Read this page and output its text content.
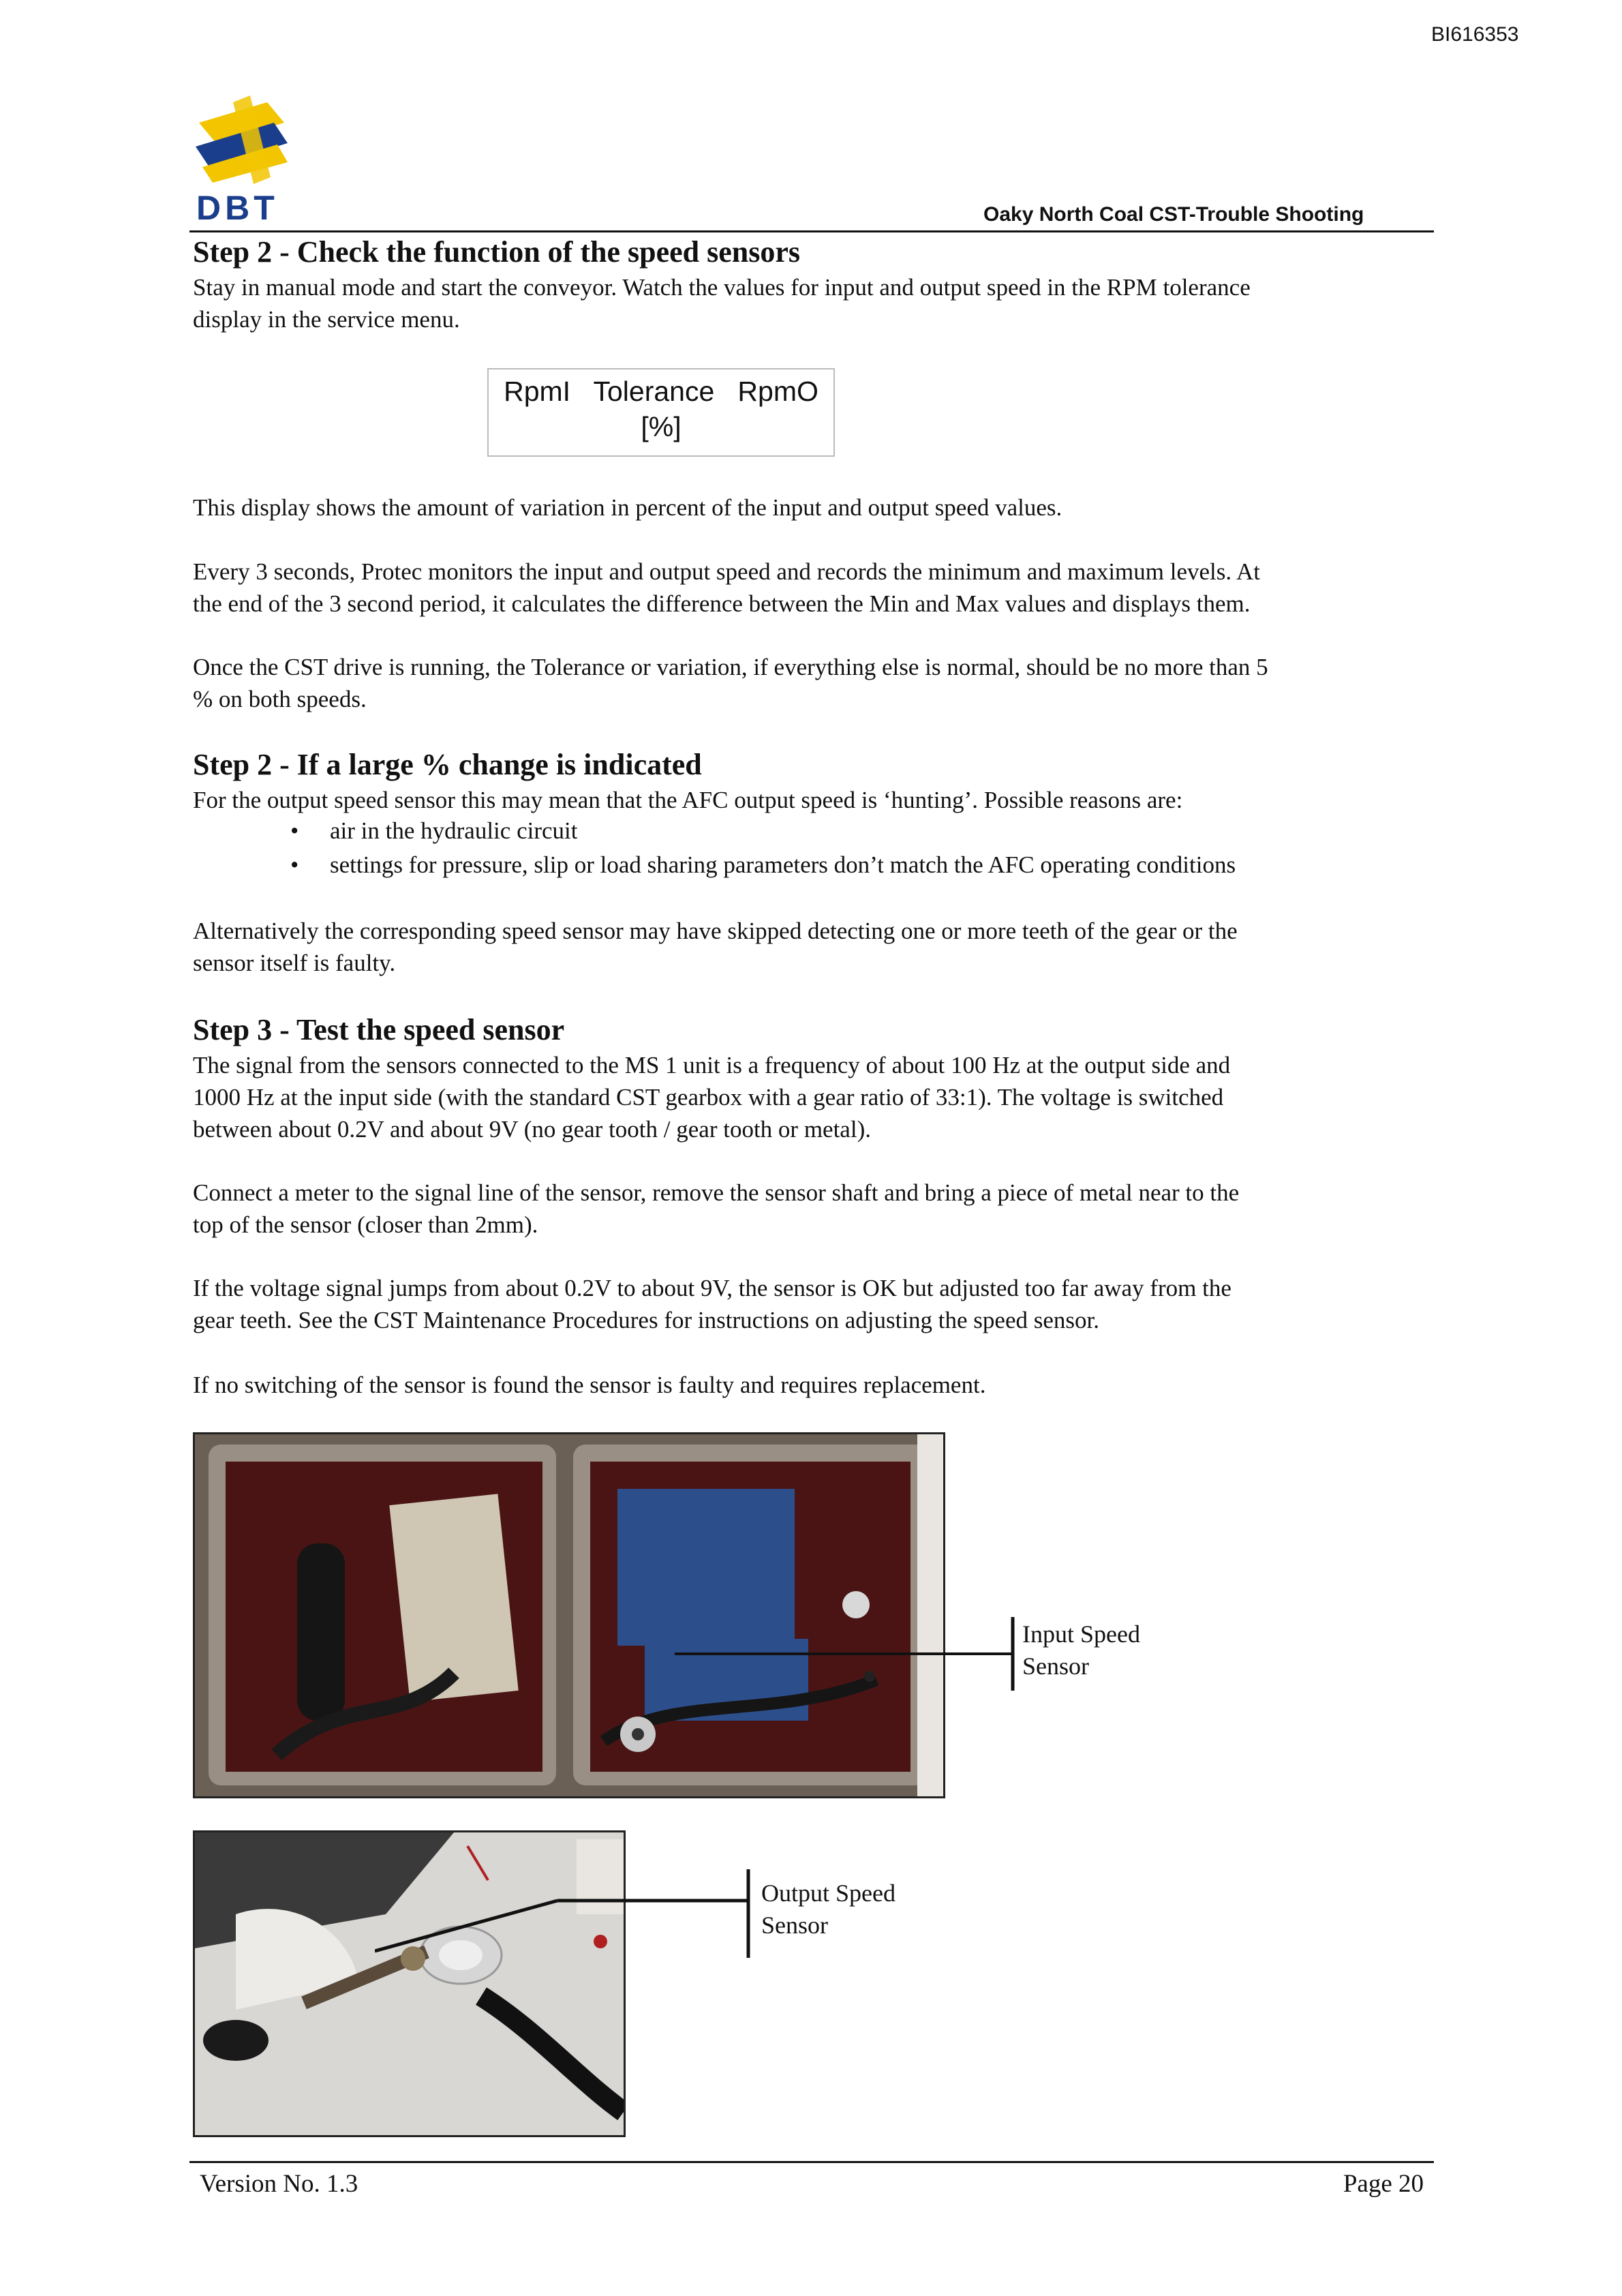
BI616353
DBT	Oaky North Coal CST-Trouble Shooting
Step 2 - Check the function of the speed sensors
Stay in manual mode and start the conveyor. Watch the values for input and output speed in the RPM tolerance
display in the service menu.
RpmI   Tolerance   RpmO
[%]
This display shows the amount of variation in percent of the input and output speed values.
Every 3 seconds, Protec monitors the input and output speed and records the minimum and maximum levels. At
the end of the 3 second period, it calculates the difference between the Min and Max values and displays them.
Once the CST drive is running, the Tolerance or variation, if everything else is normal, should be no more than 5
% on both speeds.
Step 2 - If a large % change is indicated
For the output speed sensor this may mean that the AFC output speed is ‘hunting’. Possible reasons are:
• air in the hydraulic circuit
• settings for pressure, slip or load sharing parameters don’t match the AFC operating conditions
Alternatively the corresponding speed sensor may have skipped detecting one or more teeth of the gear or the
sensor itself is faulty.
Step 3 - Test the speed sensor
The signal from the sensors connected to the MS 1 unit is a frequency of about 100 Hz at the output side and
1000 Hz at the input side (with the standard CST gearbox with a gear ratio of 33:1). The voltage is switched
between about 0.2V and about 9V (no gear tooth / gear tooth or metal).
Connect a meter to the signal line of the sensor, remove the sensor shaft and bring a piece of metal near to the
top of the sensor (closer than 2mm).
If the voltage signal jumps from about 0.2V to about 9V, the sensor is OK but adjusted too far away from the
gear teeth. See the CST Maintenance Procedures for instructions on adjusting the speed sensor.
If no switching of the sensor is found the sensor is faulty and requires replacement.
Input Speed
Sensor
Output Speed
Sensor
Version No. 1.3	Page 20
